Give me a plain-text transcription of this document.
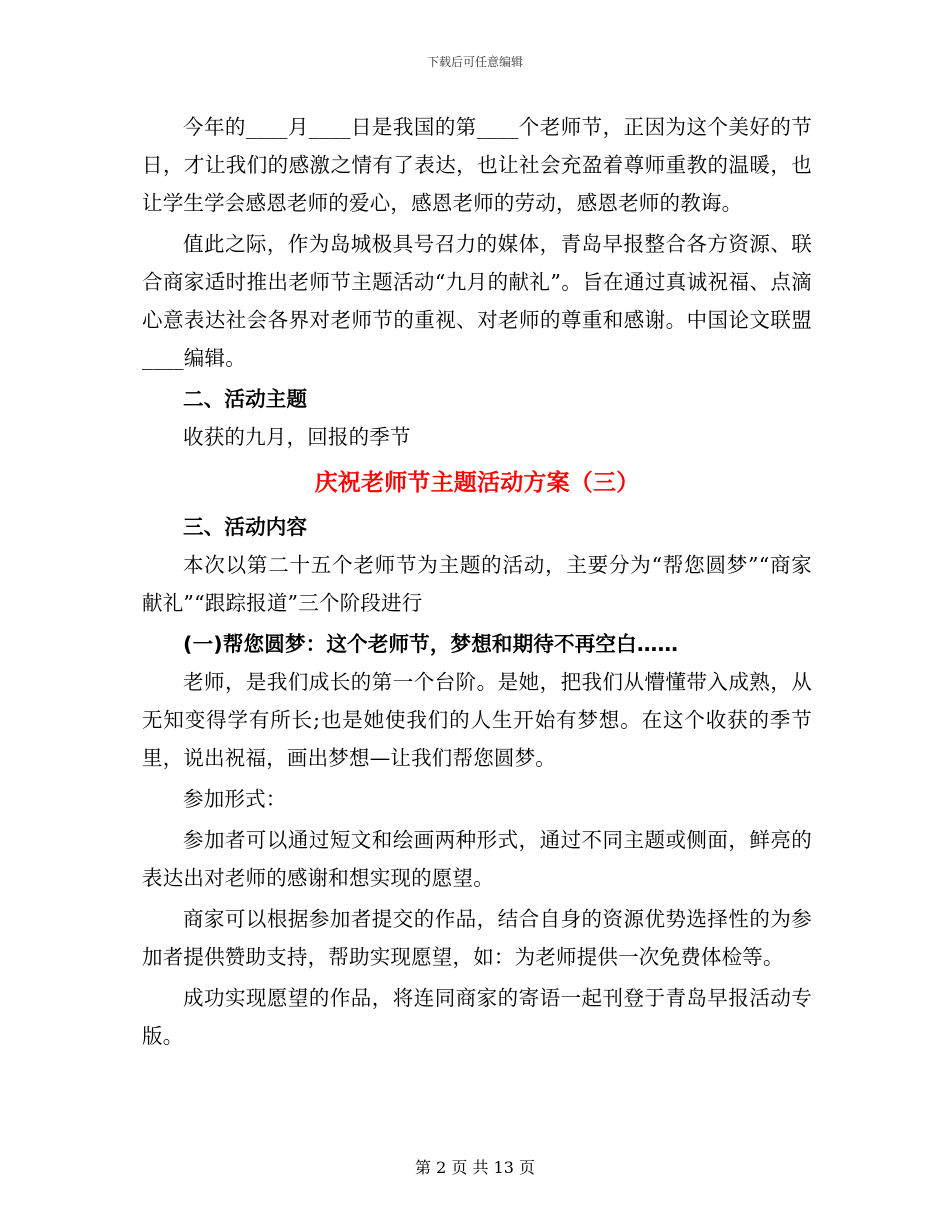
下载后可任意编辑

今年的____月____日是我国的第____个老师节，正因为这个美好的节日，才让我们的感激之情有了表达，也让社会充盈着尊师重教的温暖，也让学生学会感恩老师的爱心，感恩老师的劳动，感恩老师的教诲。

值此之际，作为岛城极具号召力的媒体，青岛早报整合各方资源、联合商家适时推出老师节主题活动“九月的献礼”。旨在通过真诚祝福、点滴心意表达社会各界对老师节的重视、对老师的尊重和感谢。中国论文联盟____编辑。

二、活动主题

收获的九月，回报的季节

庆祝老师节主题活动方案（三）

三、活动内容

本次以第二十五个老师节为主题的活动，主要分为“帮您圆梦”“商家献礼”“跟踪报道”三个阶段进行

(一)帮您圆梦：这个老师节，梦想和期待不再空白……

老师，是我们成长的第一个台阶。是她，把我们从懵懂带入成熟，从无知变得学有所长;也是她使我们的人生开始有梦想。在这个收获的季节里，说出祝福，画出梦想—让我们帮您圆梦。

参加形式：

参加者可以通过短文和绘画两种形式，通过不同主题或侧面，鲜亮的表达出对老师的感谢和想实现的愿望。

商家可以根据参加者提交的作品，结合自身的资源优势选择性的为参加者提供赞助支持，帮助实现愿望，如：为老师提供一次免费体检等。

成功实现愿望的作品，将连同商家的寄语一起刊登于青岛早报活动专版。

第 2 页 共 13 页
